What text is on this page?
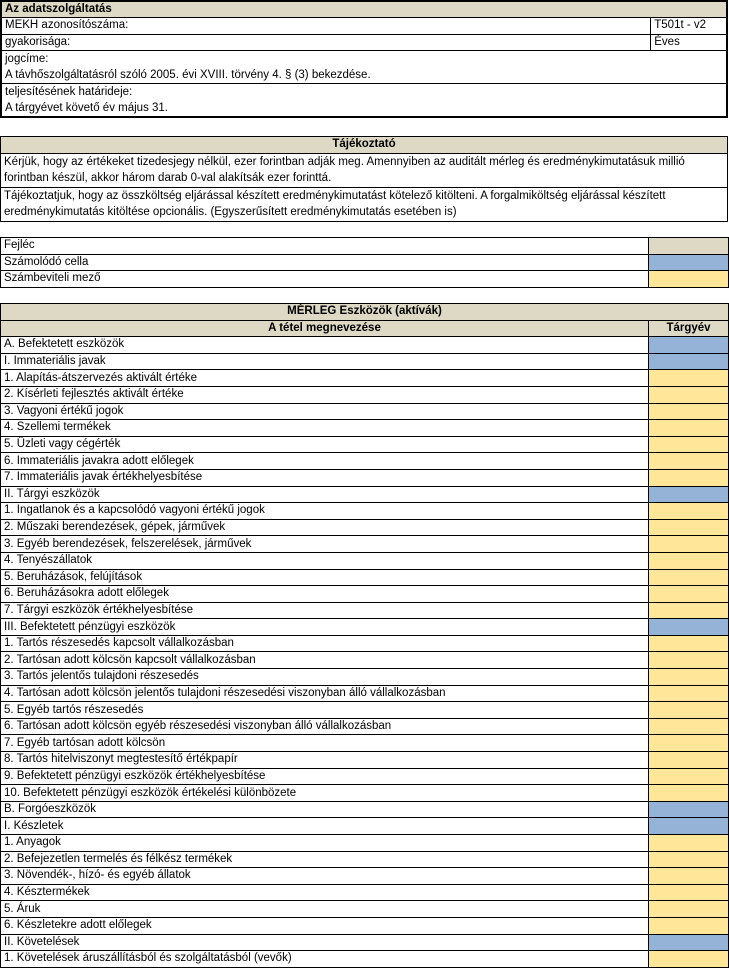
Az adatszolgáltatás	
MEKH azonosítószáma:	T501t - v2
gyakorisága:	Éves
jogcíme:	
A távhőszolgáltatásról szóló 2005. évi XVIII. törvény 4. § (3) bekezdése.	
teljesítésének határideje:	
A tárgyévet követő év május 31.	
Tájékoztató
Kérjük, hogy az értékeket tizedesjegy nélkül, ezer forintban adják meg. Amennyiben az auditált mérleg és eredménykimutatásuk millió forintban készül, akkor három darab 0-val alakítsák ezer forinttá.
Tájékoztatjuk, hogy az összköltség eljárással készített eredménykimutatást kötelező kitölteni. A forgalmiköltség eljárással készített eredménykimutatás kitöltése opcionális. (Egyszerűsített eredménykimutatás esetében is)
Fejléc	
Számolódó cella	
Számbeviteli mező	
MÉRLEG Eszközök (aktívák)	
A tétel megnevezése	Tárgyév
A. Befektetett eszközök	
I. Immateriális javak	
1. Alapítás-átszervezés aktivált értéke	
2. Kísérleti fejlesztés aktivált értéke	
3. Vagyoni értékű jogok	
4. Szellemi termékek	
5. Üzleti vagy cégérték	
6. Immateriális javakra adott előlegek	
7. Immateriális javak értékhelyesbítése	
II. Tárgyi eszközök	
1. Ingatlanok és a kapcsolódó vagyoni értékű jogok	
2. Műszaki berendezések, gépek, járművek	
3. Egyéb berendezések, felszerelések, járművek	
4. Tenyészállatok	
5. Beruházások, felújítások	
6. Beruházásokra adott előlegek	
7. Tárgyi eszközök értékhelyesbítése	
III. Befektetett pénzügyi eszközök	
1. Tartós részesedés kapcsolt vállalkozásban	
2. Tartósan adott kölcsön kapcsolt vállalkozásban	
3. Tartós jelentős tulajdoni részesedés	
4. Tartósan adott kölcsön jelentős tulajdoni részesedési viszonyban álló vállalkozásban	
5. Egyéb tartós részesedés	
6. Tartósan adott kölcsön egyéb részesedési viszonyban álló vállalkozásban	
7. Egyéb tartósan adott kölcsön	
8. Tartós hitelviszonyt megtestesítő értékpapír	
9. Befektetett pénzügyi eszközök értékhelyesbítése	
10. Befektetett pénzügyi eszközök értékelési különbözete	
B. Forgóeszközök	
I. Készletek	
1. Anyagok	
2. Befejezetlen termelés és félkész termékek	
3. Növendék-, hízó- és egyéb állatok	
4. Késztermékek	
5. Áruk	
6. Készletekre adott előlegek	
II. Követelések	
1. Követelések áruszállításból és szolgáltatásból (vevők)	
